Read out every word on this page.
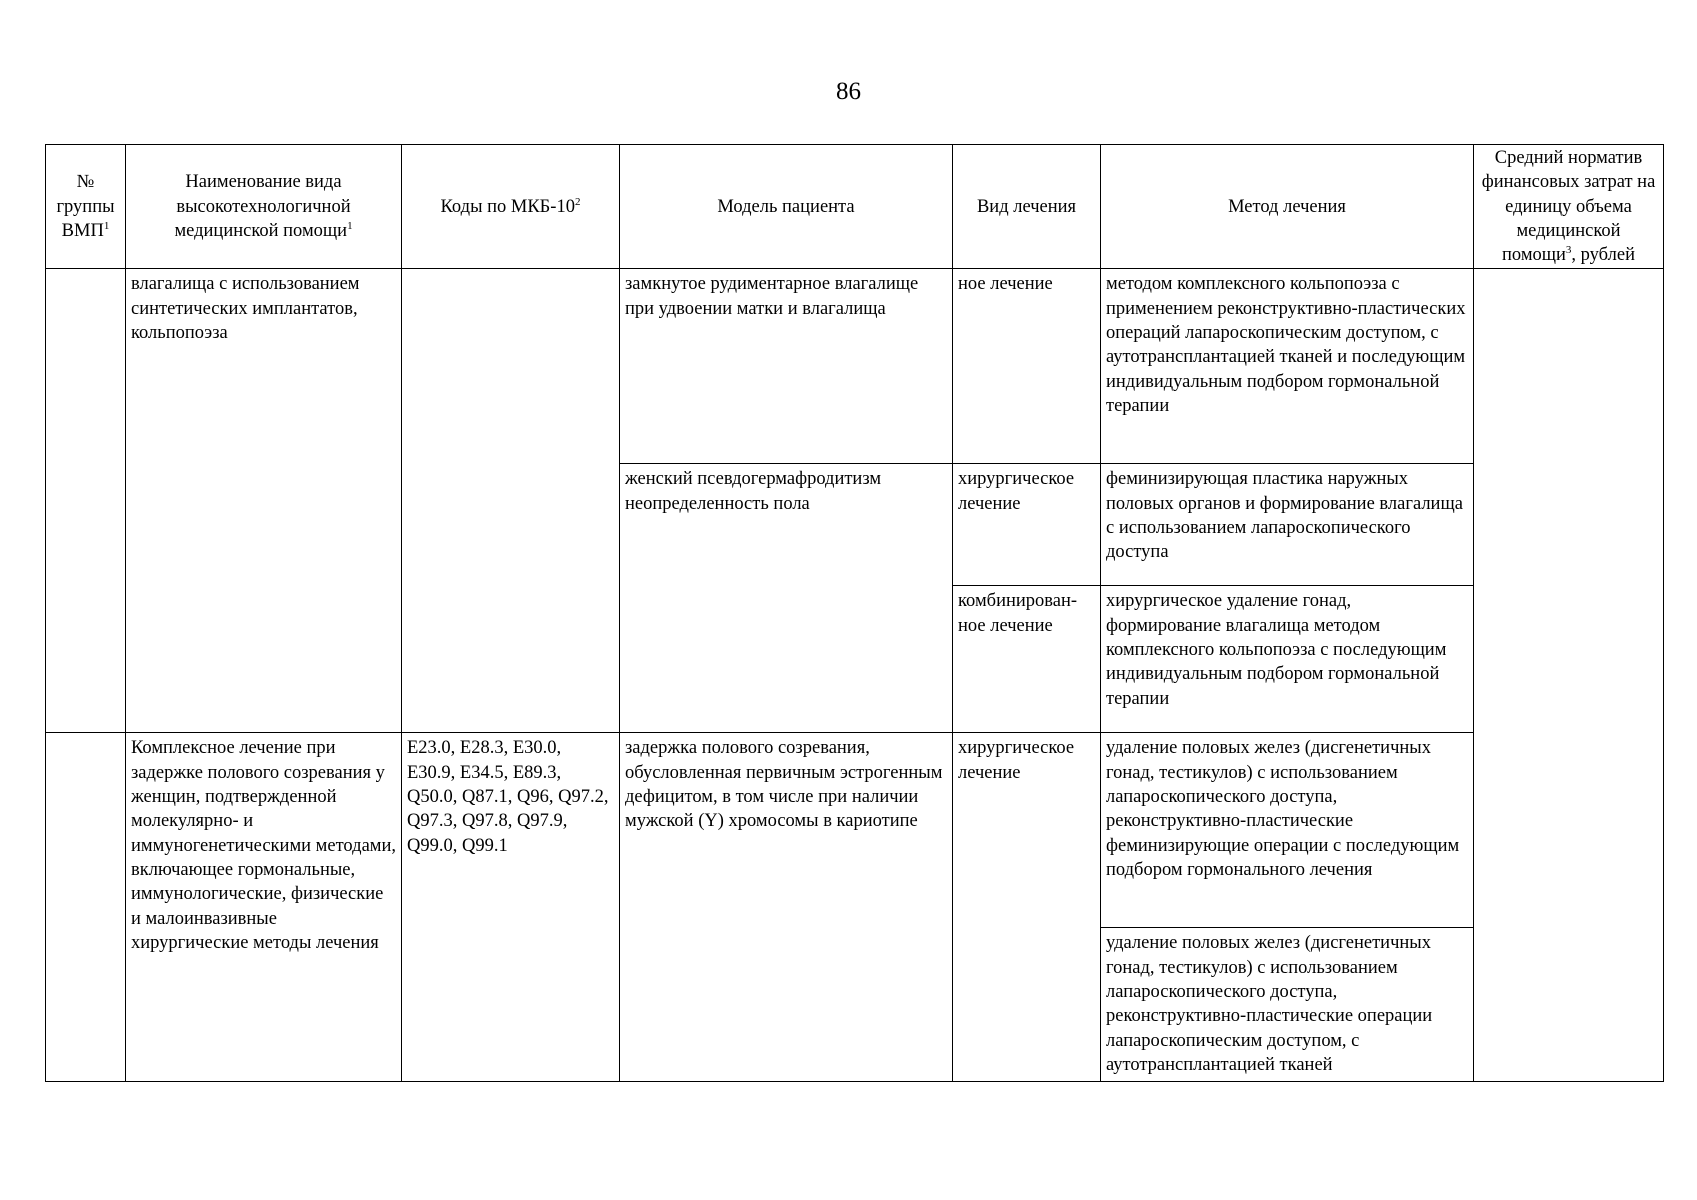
86
№ группы ВМП$^1$	Наименование вида высокотехнологичной медицинской помощи$^1$	Коды по МКБ-$10^2$	Модель пациента	Вид лечения	Метод лечения	Средний норматив финансовых затрат на единицу объема медицинской помощи$^3$, рублей
	влагалища с использованием синтетических имплантатов, кольпопоэза		замкнутое рудиментарное влагалище при удвоении матки и влагалища	ное лечение	методом комплексного кольпопоэза с применением реконструктивно-пластических операций лапароскопическим доступом, с аутотрансплантацией тканей и последующим индивидуальным подбором гормональной терапии	
			женский псевдогермафродитизм неопределенность пола	хирургическое лечение	феминизирующая пластика наружных половых органов и формирование влагалища с использованием лапароскопического доступа	
				комбинирован-ное лечение	хирургическое удаление гонад, формирование влагалища методом комплексного кольпопоэза с последующим индивидуальным подбором гормональной терапии	
	Комплексное лечение при задержке полового созревания у женщин, подтвержденной молекулярно- и иммуногенетическими методами, включающее гормональные, иммунологические, физические и малоинвазивные хирургические методы лечения	E23.0, E28.3, E30.0, E30.9, E34.5, E89.3, Q50.0, Q87.1, Q96, Q97.2, Q97.3, Q97.8, Q97.9, Q99.0, Q99.1	задержка полового созревания, обусловленная первичным эстрогенным дефицитом, в том числе при наличии мужской (Y) хромосомы в кариотипе	хирургическое лечение	удаление половых желез (дисгенетичных гонад, тестикулов) с использованием лапароскопического доступа, реконструктивно-пластические феминизирующие операции с последующим подбором гормонального лечения	
					удаление половых желез (дисгенетичных гонад, тестикулов) с использованием лапароскопического доступа, реконструктивно-пластические операции лапароскопическим доступом, с аутотрансплантацией тканей	
